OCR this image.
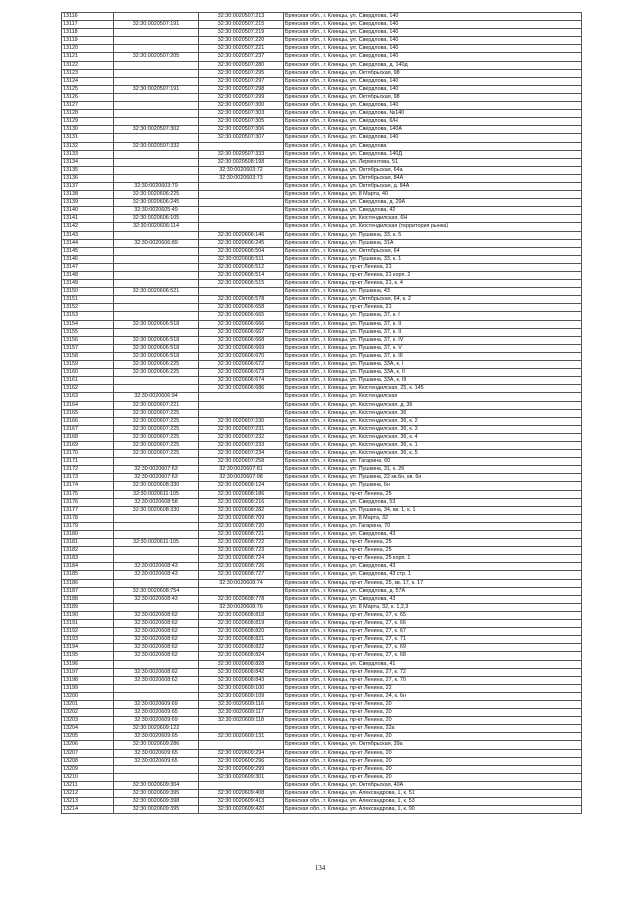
13116		32:30:0020507:213	Брянская обл., г. Клинцы, ул. Свердлова, 140
13117	32:30:0020507:191	32:30:0020507:215	Брянская обл., г. Клинцы, ул. Свердлова, 140
13118		32:30:0020507:219	Брянская обл., г. Клинцы, ул. Свердлова, 140
13119		32:30:0020507:220	Брянская обл., г. Клинцы, ул. Свердлова, 140
13120		32:30:0020507:221	Брянская обл., г. Клинцы, ул. Свердлова, 140
13121	32:30:0020507:205	32:30:0020507:237	Брянская обл., г. Клинцы, ул. Свердлова, 140
13122		32:30:0020507:280	Брянская обл., г. Клинцы, ул. Свердлова, д. 140д
13123		32:30:0020507:295	Брянская обл., г. Клинцы, ул. Октябрьская, 98
13124		32:30:0020507:297	Брянская обл., г. Клинцы, ул. Свердлова, 140
13125	32:30:0020507:191	32:30:0020507:298	Брянская обл., г. Клинцы, ул. Свердлова, 140
13126		32:30:0020507:299	Брянская обл., г. Клинцы, ул. Октябрьская, 98
13127		32:30:0020507:300	Брянская обл., г. Клинцы, ул. Свердлова, 140
13128		32:30:0020507:303	Брянская обл., г. Клинцы, ул. Свердлова, №140
13129		32:30:0020507:305	Брянская обл., г. Клинцы, ул. Свердлова, 6/Н
13130	32:30:0020507:302	32:30:0020507:306	Брянская обл., г. Клинцы, ул. Свердлова, 140А
13131		32:30:0020507:307	Брянская обл., г. Клинцы, ул. Свердлова, 140
13132	32:30:0020507:332		Брянская обл., г. Клинцы, ул. Свердлова
13133		32:30:0020507:333	Брянская обл., г. Клинцы, ул. Свердлова, 140Д
13134		32:30:0020508:198	Брянская обл., г. Клинцы, ул. Лермонтова, 51
13135		32:30:0020603:72	Брянская обл., г. Клинцы, ул. Октябрьская, 64а
13136		32:30:0020603:73	Брянская обл., г. Клинцы, ул. Октябрьская, 84А
13137	32:30:0020603:79		Брянская обл., г. Клинцы, ул. Октябрьская, д. 84А
13138	32:30:0020606:225		Брянская обл., г. Клинцы, ул. 8 Марта, 40
13139	32:30:0020606:245		Брянская обл., г. Клинцы, ул. Свердлова, д. 29А
13140	32:30:0020605:49		Брянская обл., г. Клинцы, ул. Свердлова, 42
13141	32:30:0020606:105		Брянская обл., г. Клинцы, ул. Кюстендилская, 6Н
13142	32:30:0020606:114		Брянская обл., г. Клинцы, ул. Кюстендилская (территория рынка)
13143		32:30:0020606:146	Брянская обл., г. Клинцы, ул. Пушкина, 33, к. 5
13144	32:30:0020606:89	32:30:0020606:245	Брянская обл., г. Клинцы, ул. Пушкина, 31А
13145		32:30:0020606:504	Брянская обл., г. Клинцы, ул. Октябрьская, 64
13146		32:30:0020606:511	Брянская обл., г. Клинцы, ул. Пушкина, 33, к. 1
13147		32:30:0020606:512	Брянская обл., г. Клинцы, пр-кт Ленина, 21
13148		32:30:0020606:514	Брянская обл., г. Клинцы, пр-кт Ленина, 21 корп. 2
13149		32:30:0020606:515	Брянская обл., г. Клинцы, пр-кт Ленина, 21, к. 4
13150	32:30:0020606:521		Брянская обл., г. Клинцы, ул. Пушкина, 43
13151		32:30:0020606:578	Брянская обл., г. Клинцы, ул. Октябрьская, 64, к. 2
13152		32:30:0020606:658	Брянская обл., г. Клинцы, пр-кт Ленина, 21
13153		32:30:0020606:665	Брянская обл., г. Клинцы, ул. Пушкина, 37, к. I
13154	32:30:0020606:518	32:30:0020606:666	Брянская обл., г. Клинцы, ул. Пушкина, 37, к. II
13155		32:30:0020606:667	Брянская обл., г. Клинцы, ул. Пушкина, 37, к. II
13156	32:30:0020606:518	32:30:0020606:668	Брянская обл., г. Клинцы, ул. Пушкина, 37, к. IV
13157	32:30:0020606:518	32:30:0020606:669	Брянская обл., г. Клинцы, ул. Пушкина, 37, к. V
13158	32:30:0020606:518	32:30:0020606:670	Брянская обл., г. Клинцы, ул. Пушкина, 37, к. III
13159	32:30:0020606:225	32:30:0020606:672	Брянская обл., г. Клинцы, ул. Пушкина, 33А, к. I
13160	32:30:0020606:225	32:30:0020606:673	Брянская обл., г. Клинцы, ул. Пушкина, 33А, к. II
13161		32:30:0020606:674	Брянская обл., г. Клинцы, ул. Пушкина, 33А, к. III
13162		32:30:0020606:686	Брянская обл., г. Клинцы, ул. Кюстендилская, 25, к. 145
13163	32:30:0020606:94		Брянская обл., г. Клинцы, ул. Кюстендилская
13164	32:30:0020607:221		Брянская обл., г. Клинцы, ул. Кюстендилская, д. 36
13165	32:30:0020607:225		Брянская обл., г. Клинцы, ул. Кюстендилская, 36
13166	32:30:0020607:225	32:30:0020607:230	Брянская обл., г. Клинцы, ул. Кюстендилская, 36, к. 2
13167	32:30:0020607:225	32:30:0020607:231	Брянская обл., г. Клинцы, ул. Кюстендилская, 36, к. 3
13168	32:30:0020607:225	32:30:0020607:232	Брянская обл., г. Клинцы, ул. Кюстендилская, 36, к. 4
13169	32:30:0020607:225	32:30:0020607:233	Брянская обл., г. Клинцы, ул. Кюстендилская, 36, к. 1
13170	32:30:0020607:225	32:30:0020607:234	Брянская обл., г. Клинцы, ул. Кюстендилская, 36, к. 5
13171		32:30:0020607:258	Брянская обл., г. Клинцы, ул. Гагарина, 60
13172	32:30:0020607:63	32:30:0020607:81	Брянская обл., г. Клинцы, ул. Пушкина, 31, к. 26
13173	32:30:0020607:63	32:30:0020607:98	Брянская обл., г. Клинцы, ул. Пушкина, 22 кв.6н, кв. 6н
13174	32:30:0020608:330	32:30:0020608:124	Брянская обл., г. Клинцы, ул. Пушкина, 6н
13175	32:30:0020611:105	32:30:0020608:186	Брянская обл., г. Клинцы, пр-кт Ленина, 25
13176	32:30:0020608:58	32:30:0020608:216	Брянская обл., г. Клинцы, ул. Свердлова, 53
13177	32:30:0020608:330	32:30:0020608:282	Брянская обл., г. Клинцы, ул. Пушкина, 34, кв. 1, к. 1
13178		32:30:0020608:709	Брянская обл., г. Клинцы, ул. 8 Марта, 32
13179		32:30:0020608:720	Брянская обл., г. Клинцы, ул. Гагарина, 70
13180		32:30:0020608:721	Брянская обл., г. Клинцы, ул. Свердлова, 43
13181	32:30:0020611:105	32:30:0020608:722	Брянская обл., г. Клинцы, пр-кт Ленина, 25
13182		32:30:0020608:723	Брянская обл., г. Клинцы, пр-кт Ленина, 25
13183		32:30:0020608:724	Брянская обл., г. Клинцы, пр-кт Ленина, 25 корп. 1
13184	32:30:0020608:43	32:30:0020608:726	Брянская обл., г. Клинцы, ул. Свердлова, 43
13185	32:30:0020608:43	32:30:0020608:727	Брянская обл., г. Клинцы, ул. Свердлова, 43 стр. 1
13186		32:30:0020608:74	Брянская обл., г. Клинцы, пр-кт Ленина, 25, кв. 17, к. 17
13187	32:30:0020608:754		Брянская обл., г. Клинцы, ул. Свердлова, д. 57А
13188	32:30:0020608:43	32:30:0020608:778	Брянская обл., г. Клинцы, ул. Свердлова, 43
13189		32:30:0020608:76	Брянская обл., г. Клинцы, ул. 8 Марта, 32, к. 1,2,3
13190	32:30:0020608:62	32:30:0020608:818	Брянская обл., г. Клинцы, пр-кт Ленина, 27, к. 65
13191	32:30:0020608:62	32:30:0020608:819	Брянская обл., г. Клинцы, пр-кт Ленина, 27, к. 66
13192	32:30:0020608:62	32:30:0020608:820	Брянская обл., г. Клинцы, пр-кт Ленина, 27, к. 67
13193	32:30:0020608:62	32:30:0020608:821	Брянская обл., г. Клинцы, пр-кт Ленина, 27, к. 71
13194	32:30:0020608:62	32:30:0020608:822	Брянская обл., г. Клинцы, пр-кт Ленина, 27, к. 69
13195	32:30:0020608:62	32:30:0020608:824	Брянская обл., г. Клинцы, пр-кт Ленина, 27, к. 68
13196		32:30:0020608:828	Брянская обл., г. Клинцы, ул. Свердлова, 41
13197	32:30:0020608:62	32:30:0020608:842	Брянская обл., г. Клинцы, пр-кт Ленина, 27, к. 72
13198	32:30:0020608:62	32:30:0020608:843	Брянская обл., г. Клинцы, пр-кт Ленина, 27, к. 70
13199		32:30:0020609:100	Брянская обл., г. Клинцы, пр-кт Ленина, 22
13200		32:30:0020609:109	Брянская обл., г. Клинцы, пр-кт Ленина, 24, к. 6н
13201	32:30:0020609:69	32:30:0020609:116	Брянская обл., г. Клинцы, пр-кт Ленина, 20
13202	32:30:0020609:65	32:30:0020609:117	Брянская обл., г. Клинцы, пр-кт Ленина, 20
13203	32:30:0020609:69	32:30:0020609:118	Брянская обл., г. Клинцы, пр-кт Ленина, 20
13204	32:30:0020609:122		Брянская обл., г. Клинцы, пр-кт Ленина, 22а
13205	32:30:0020609:65	32:30:0020609:131	Брянская обл., г. Клинцы, пр-кт Ленина, 20
13206	32:30:0020609:286		Брянская обл., г. Клинцы, ул. Октябрьская, 39а
13207	32:30:0020609:65	32:30:0020609:294	Брянская обл., г. Клинцы, пр-кт Ленина, 20
13208	32:30:0020609:65	32:30:0020609:296	Брянская обл., г. Клинцы, пр-кт Ленина, 20
13209		32:30:0020609:299	Брянская обл., г. Клинцы, пр-кт Ленина, 20
13210		32:30:0020609:301	Брянская обл., г. Клинцы, пр-кт Ленина, 20
13211	32:30:0020609:304		Брянская обл., г. Клинцы, ул. Октябрьская, 40А
13212	32:30:0020609:395	32:30:0020609:408	Брянская обл., г. Клинцы, ул. Александрова, 1, к. 51
13213	32:30:0020609:398	32:30:0020609:413	Брянская обл., г. Клинцы, ул. Александрова, 1, к. 53
13214	32:30:0020609:395	32:30:0020609:420	Брянская обл., г. Клинцы, ул. Александрова, 1, к. 90
134
